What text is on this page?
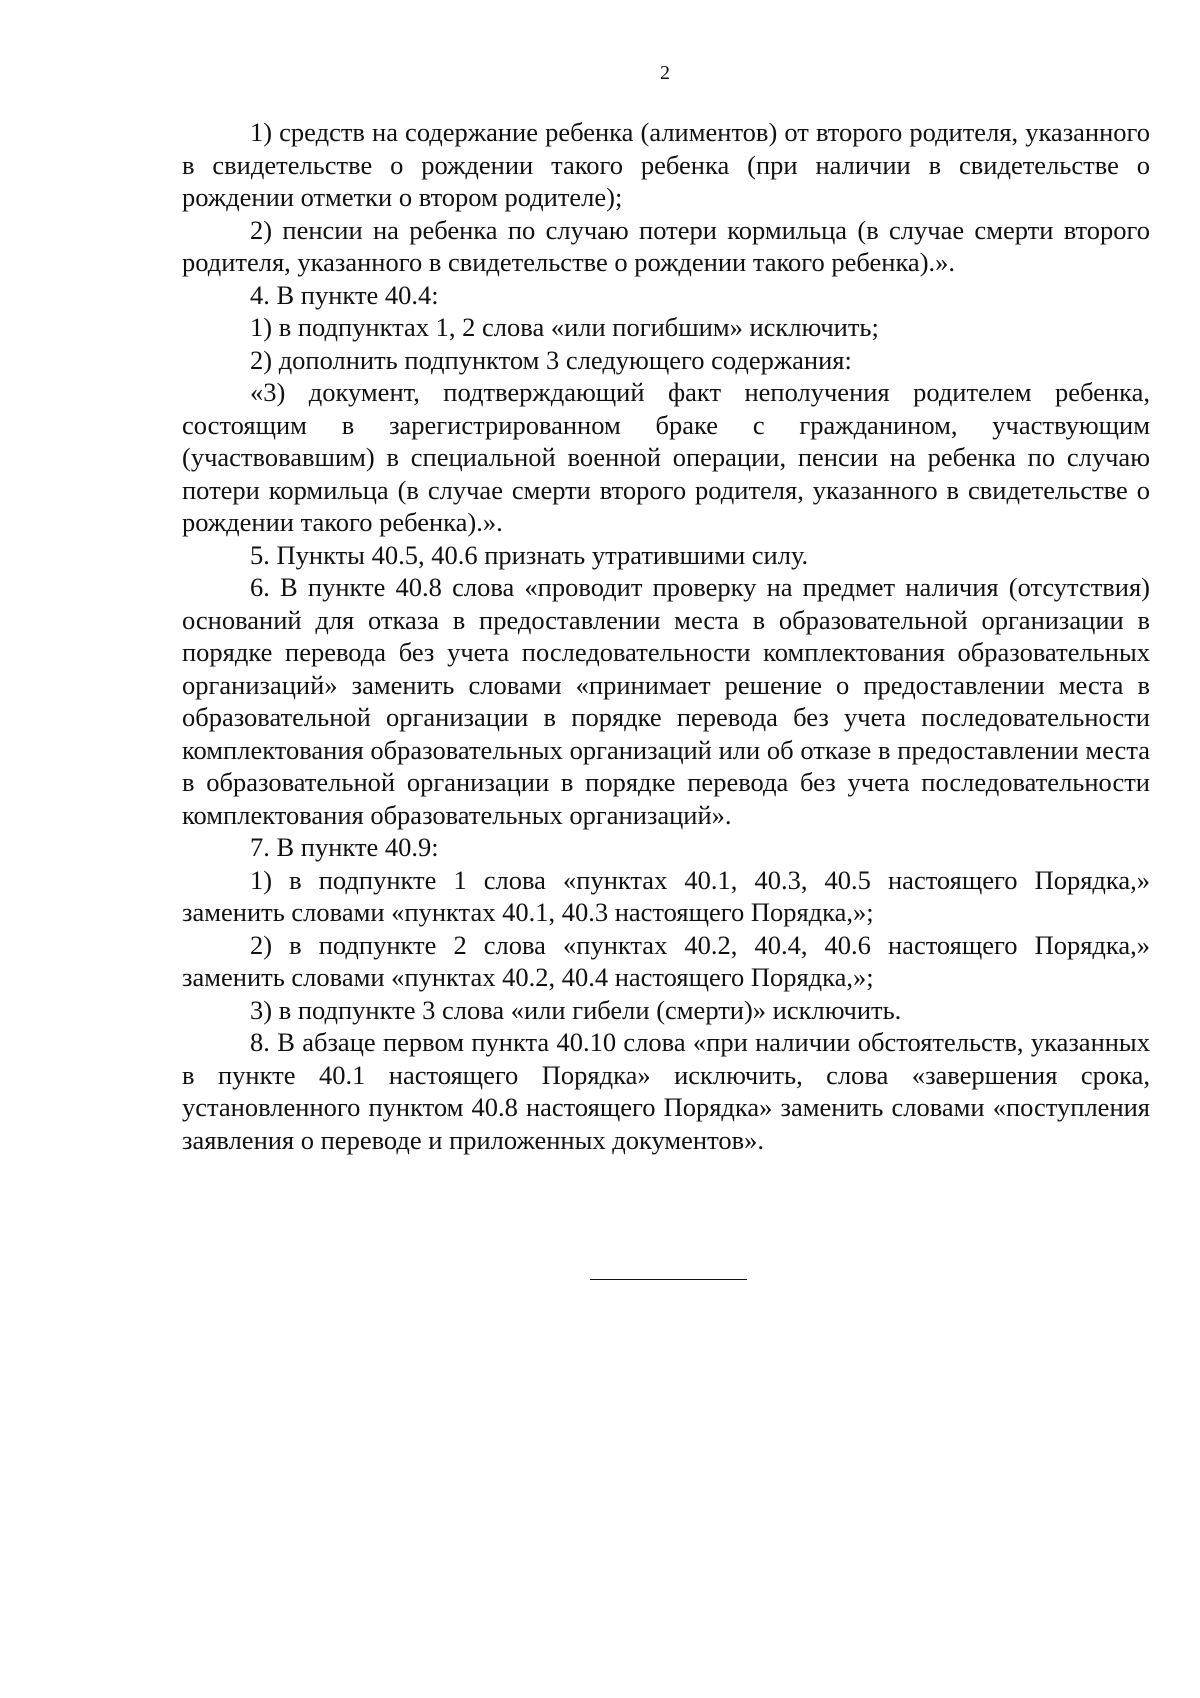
2

1) средств на содержание ребенка (алиментов) от второго родителя, указанного в свидетельстве о рождении такого ребенка (при наличии в свидетельстве о рождении отметки о втором родителе);

2) пенсии на ребенка по случаю потери кормильца (в случае смерти второго родителя, указанного в свидетельстве о рождении такого ребенка).».

4. В пункте 40.4:

1) в подпунктах 1, 2 слова «или погибшим» исключить;

2) дополнить подпунктом 3 следующего содержания:

«3) документ, подтверждающий факт неполучения родителем ребенка, состоящим в зарегистрированном браке с гражданином, участвующим (участвовавшим) в специальной военной операции, пенсии на ребенка по случаю потери кормильца (в случае смерти второго родителя, указанного в свидетельстве о рождении такого ребенка).».

5. Пункты 40.5, 40.6 признать утратившими силу.

6. В пункте 40.8 слова «проводит проверку на предмет наличия (отсутствия) оснований для отказа в предоставлении места в образовательной организации в порядке перевода без учета последовательности комплектования образовательных организаций» заменить словами «принимает решение о предоставлении места в образовательной организации в порядке перевода без учета последовательности комплектования образовательных организаций или об отказе в предоставлении места в образовательной организации в порядке перевода без учета последовательности комплектования образовательных организаций».

7. В пункте 40.9:

1) в подпункте 1 слова «пунктах 40.1, 40.3, 40.5 настоящего Порядка,» заменить словами «пунктах 40.1, 40.3 настоящего Порядка,»;

2) в подпункте 2 слова «пунктах 40.2, 40.4, 40.6 настоящего Порядка,» заменить словами «пунктах 40.2, 40.4 настоящего Порядка,»;

3) в подпункте 3 слова «или гибели (смерти)» исключить.

8. В абзаце первом пункта 40.10 слова «при наличии обстоятельств, указанных в пункте 40.1 настоящего Порядка» исключить, слова «завершения срока, установленного пунктом 40.8 настоящего Порядка» заменить словами «поступления заявления о переводе и приложенных документов».
